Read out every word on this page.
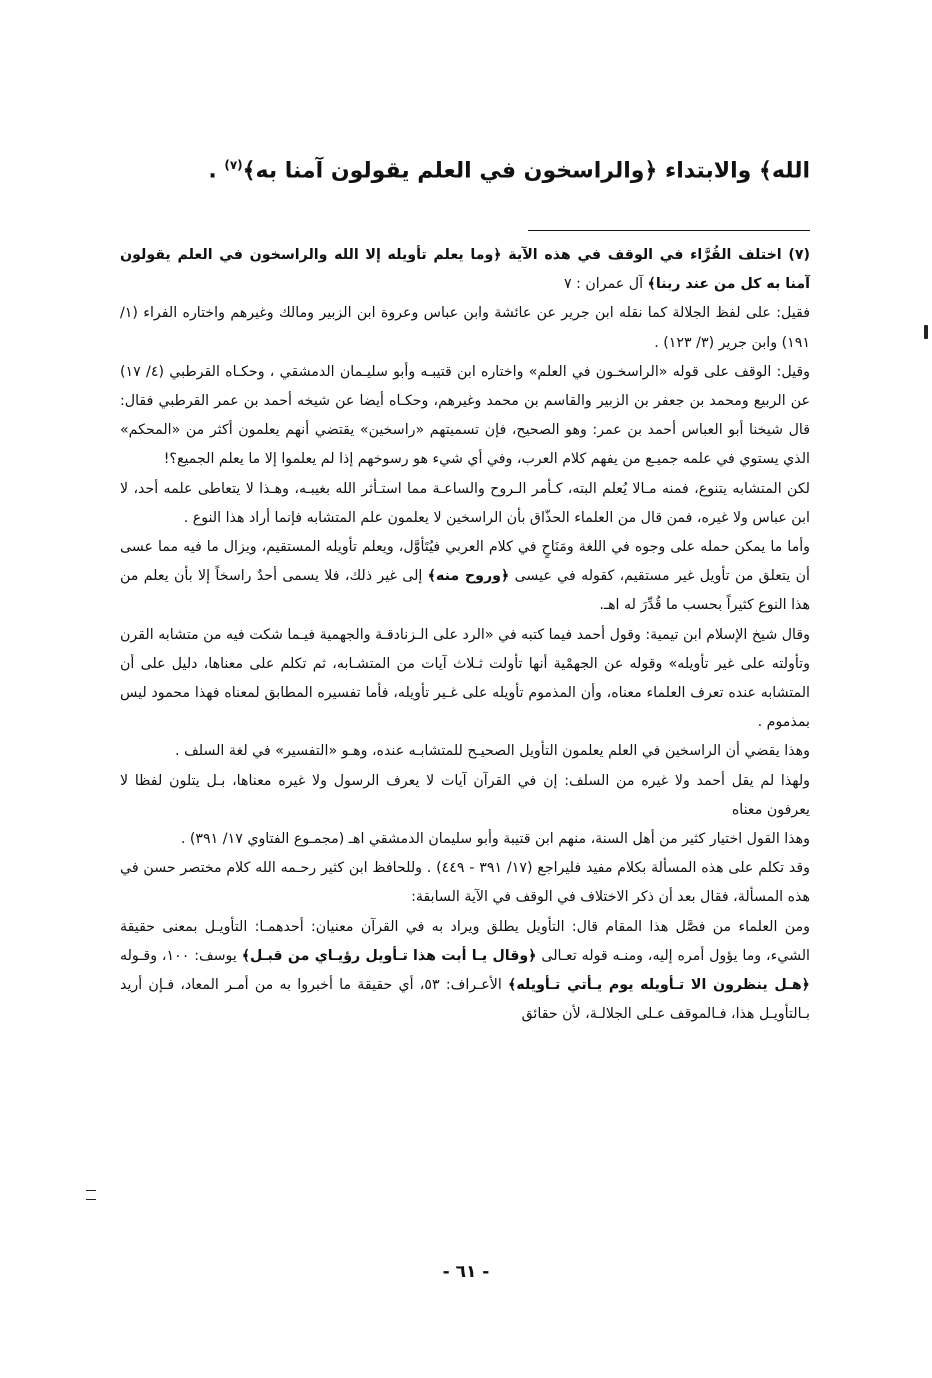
الله﴾ والابتداء ﴿والراسخون في العلم يقولون آمنا به﴾$^{(٧)}$ .

(٧) اختلف القُرَّاء في الوقف في هذه الآية ﴿وما يعلم تأويله إلا الله والراسخون في العلم يقولون آمنا به كل من عند ربنا﴾ آل عمران : ٧

فقيل: على لفظ الجلالة كما نقله ابن جرير عن عائشة وابن عباس وعروة ابن الزبير ومالك وغيرهم واختاره الفراء (١/ ١٩١) وابن جرير (٣/ ١٢٣) .

وقيل: الوقف على قوله «الراسخـون في العلم» واختاره ابن قتيبـه وأبو سليـمان الدمشقي ، وحكـاه القرطبي (٤/ ١٧) عن الربيع ومحمد بن جعفر بن الزبير والقاسم بن محمد وغيرهم، وحكـاه أيضا عن شيخه أحمد بن عمر القرطبي فقال: قال شيخنا أبو العباس أحمد بن عمر: وهو الصحيح، فإن تسميتهم «راسخين» يقتضي أنهم يعلمون أكثر من «المحكم» الذي يستوي في علمه جميـع من يفهم كلام العرب، وفي أي شيء هو رسوخهم إذا لم يعلموا إلا ما يعلم الجميع؟!

لكن المتشابه يتنوع، فمنه مـالا يُعلم البته، كـأمر الـروح والساعـة مما استـأثر الله بغيبـه، وهـذا لا يتعاطى علمه أحد، لا ابن عباس ولا غيره، فمن قال من العلماء الحذّاق بأن الراسخين لا يعلمون علم المتشابه فإنما أراد هذا النوع .

وأما ما يمكن حمله على وجوه في اللغة ومَنَاحٍ في كلام العربي فيُتَأوَّل، ويعلم تأويله المستقيم، ويزال ما فيه مما عسى أن يتعلق من تأويل غير مستقيم، كقوله في عيسى ﴿وروح منه﴾ إلى غير ذلك، فلا يسمى أحدٌ راسخاً إلا بأن يعلم من هذا النوع كثيراً بحسب ما قُدِّرَ له اهـ.

وقال شيخ الإسلام ابن تيمية: وقول أحمد فيما كتبه في «الرد على الـزنادقـة والجهمية فيـما شكت فيه من متشابه القرن وتأولته على غير تأويله» وقوله عن الجهمْية أنها تأولت ثـلاث آيات من المتشـابه، ثم تكلم على معناها، دليل على أن المتشابه عنده تعرف العلماء معناه، وأن المذموم تأويله على غـير تأويله، فأما تفسيره المطابق لمعناه فهذا محمود ليس بمذموم .

وهذا يقضي أن الراسخين في العلم يعلمون التأويل الصحيـح للمتشابـه عنده، وهـو «التفسير» في لغة السلف .

ولهذا لم يقل أحمد ولا غيره من السلف: إن في القرآن آيات لا يعرف الرسول ولا غيره معناها، بـل يتلون لفظا لا يعرفون معناه

وهذا القول اختيار كثير من أهل السنة، منهم ابن قتيبة وأبو سليمان الدمشقي اهـ (مجمـوع الفتاوي ١٧/ ٣٩١) .

وقد تكلم على هذه المسألة بكلام مفيد فليراجع (١٧/ ٣٩١ - ٤٤٩) . وللحافظ ابن كثير رحـمه الله كلام مختصر حسن في هذه المسألة، فقال بعد أن ذكر الاختلاف في الوقف في الآية السابقة:

ومن العلماء من فصَّل هذا المقام قال: التأويل يطلق ويراد به في القرآن معنيان: أحدهمـا: التأويـل بمعنى حقيقة الشيء، وما يؤول أمره إليه، ومنـه قوله تعـالى ﴿وقال يـا أبت هذا تـأويل رؤيـاي من قبـل﴾ يوسف: ١٠٠، وقـوله ﴿هـل ينظرون الا تـأويله يوم يـأتي تـأويله﴾ الأعـراف: ٥٣، أي حقيقة ما أخبروا به من أمـر المعاد، فـإن أريد بـالتأويـل هذا، فـالموقف عـلى الجلالـة، لأن حقائق

- ٦١ -
